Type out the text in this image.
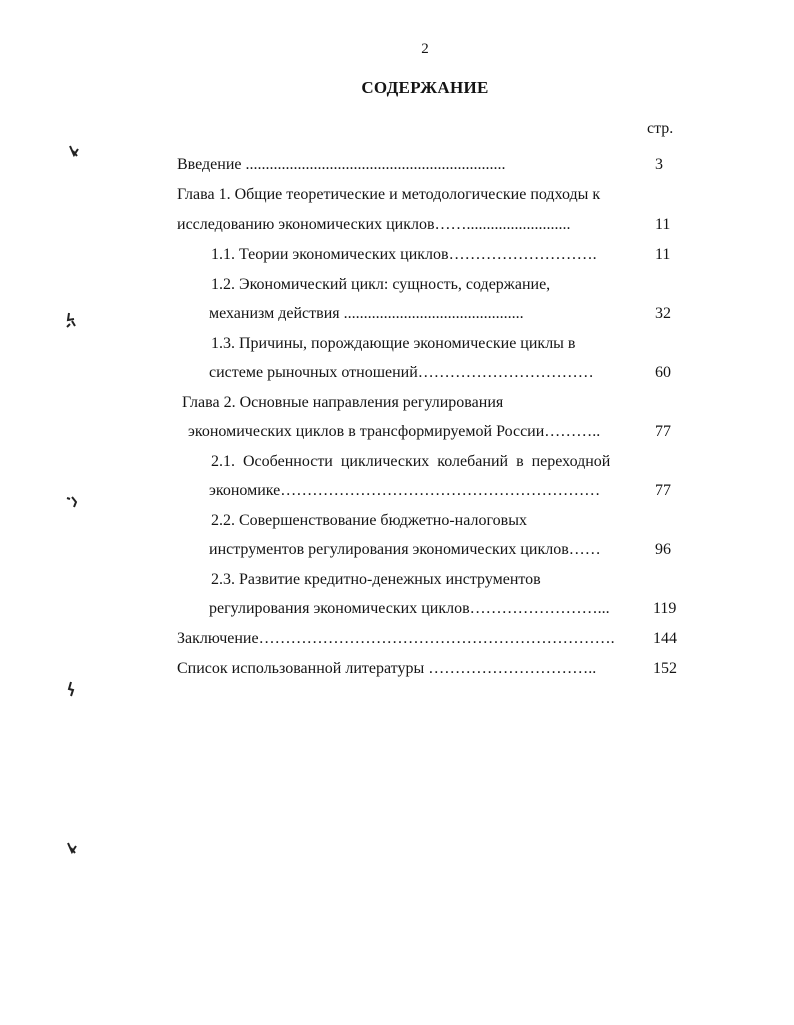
2
СОДЕРЖАНИЕ
стр.
Введение .................................................................	3
Глава 1. Общие теоретические и методологические подходы к
исследованию экономических циклов……..........................	11
1.1. Теории экономических циклов……………………….	11
1.2. Экономический цикл: сущность, содержание,
механизм действия .............................................	32
1.3. Причины, порождающие экономические циклы в
системе рыночных отношений……………………………	60
Глава 2. Основные направления регулирования
экономических циклов в трансформируемой России………..	77
2.1. Особенности циклических колебаний в переходной
экономике……………………………………………………	77
2.2. Совершенствование бюджетно-налоговых
инструментов регулирования экономических циклов……	96
2.3. Развитие кредитно-денежных инструментов
регулирования экономических циклов……………………...	119
Заключение…………………………………………………………. 144
Список использованной литературы …………………………..	152
